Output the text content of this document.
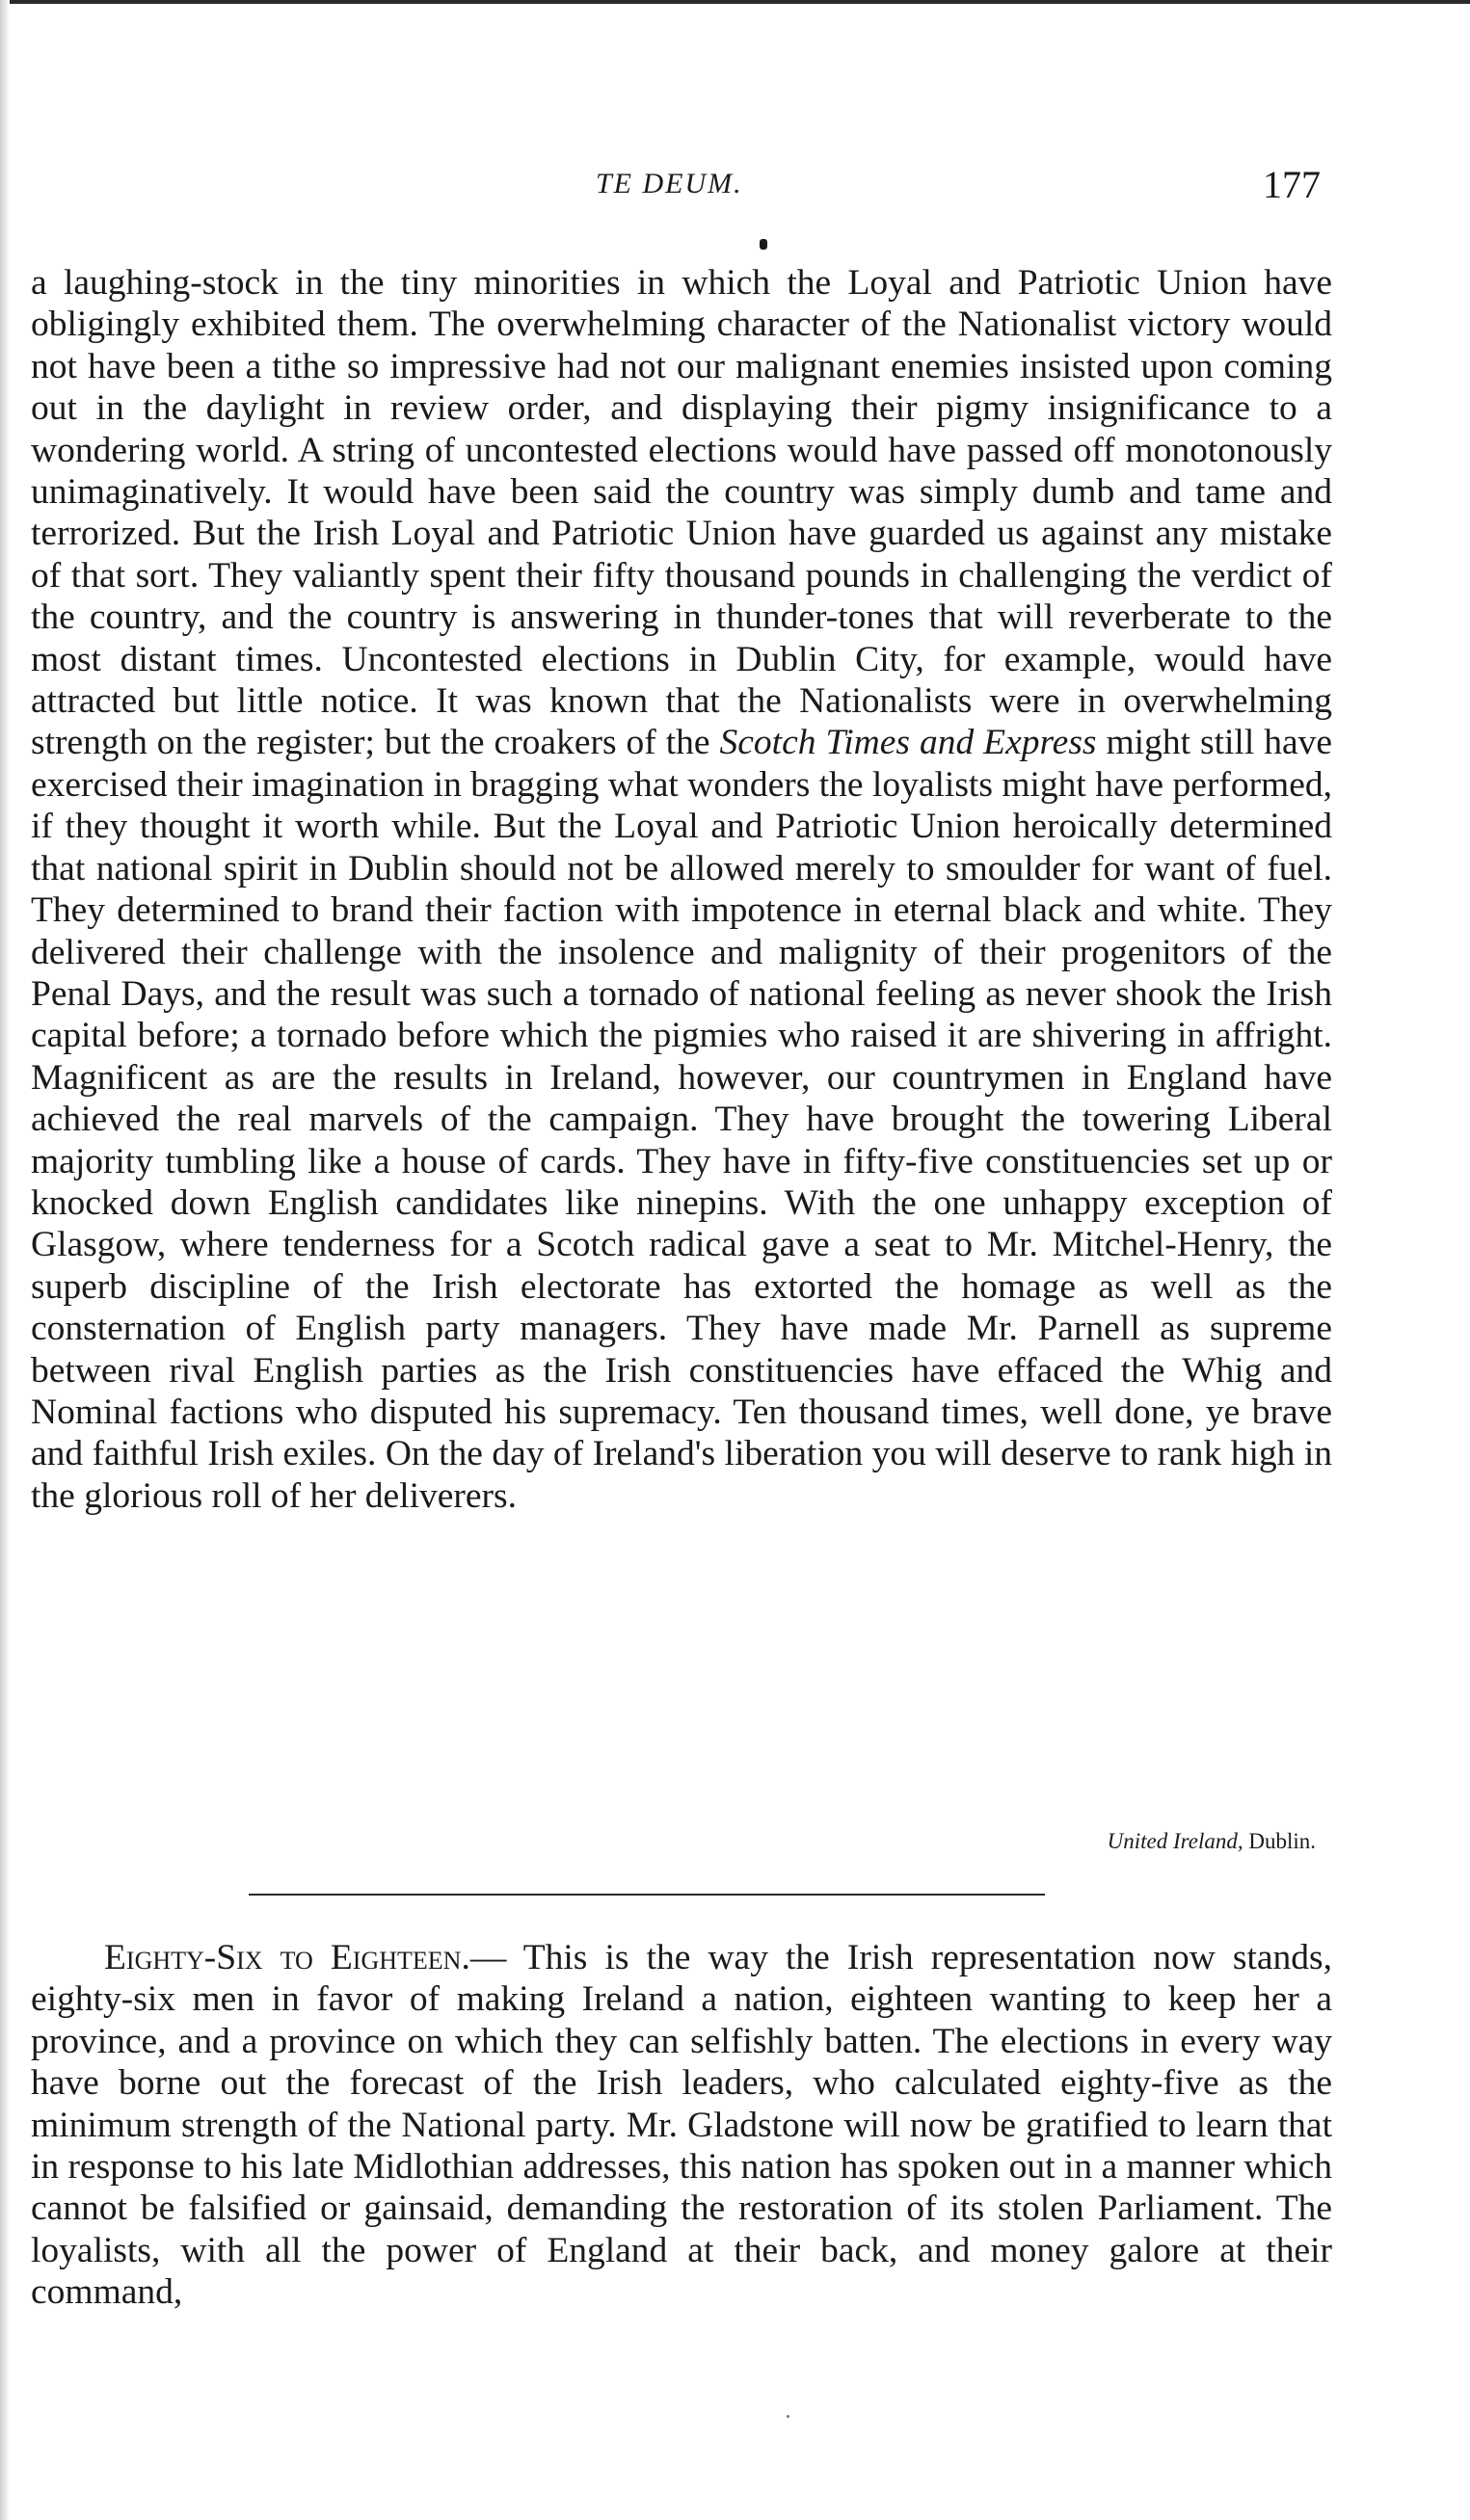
TE DEUM.	177

a laughing-stock in the tiny minorities in which the Loyal and Patriotic Union have obligingly exhibited them. The overwhelming character of the Nationalist victory would not have been a tithe so impressive had not our malignant enemies insisted upon coming out in the daylight in review order, and displaying their pigmy insignificance to a wondering world. A string of uncontested elections would have passed off monotonously unimaginatively. It would have been said the country was simply dumb and tame and terrorized. But the Irish Loyal and Patriotic Union have guarded us against any mistake of that sort. They valiantly spent their fifty thousand pounds in challenging the verdict of the country, and the country is answering in thunder-tones that will reverberate to the most distant times. Uncontested elections in Dublin City, for example, would have attracted but little notice. It was known that the Nationalists were in overwhelming strength on the register; but the croakers of the Scotch Times and Express might still have exercised their imagination in bragging what wonders the loyalists might have performed, if they thought it worth while. But the Loyal and Patriotic Union heroically determined that national spirit in Dublin should not be allowed merely to smoulder for want of fuel. They determined to brand their faction with impotence in eternal black and white. They delivered their challenge with the insolence and malignity of their progenitors of the Penal Days, and the result was such a tornado of national feeling as never shook the Irish capital before; a tornado before which the pigmies who raised it are shivering in affright. Magnificent as are the results in Ireland, however, our countrymen in England have achieved the real marvels of the campaign. They have brought the towering Liberal majority tumbling like a house of cards. They have in fifty-five constituencies set up or knocked down English candidates like ninepins. With the one unhappy exception of Glasgow, where tenderness for a Scotch radical gave a seat to Mr. Mitchel-Henry, the superb discipline of the Irish electorate has extorted the homage as well as the consternation of English party managers. They have made Mr. Parnell as supreme between rival English parties as the Irish constituencies have effaced the Whig and Nominal factions who disputed his supremacy. Ten thousand times, well done, ye brave and faithful Irish exiles. On the day of Ireland's liberation you will deserve to rank high in the glorious roll of her deliverers.

United Ireland, Dublin.

Eighty-Six to Eighteen.— This is the way the Irish representation now stands, eighty-six men in favor of making Ireland a nation, eighteen wanting to keep her a province, and a province on which they can selfishly batten. The elections in every way have borne out the forecast of the Irish leaders, who calculated eighty-five as the minimum strength of the National party. Mr. Gladstone will now be gratified to learn that in response to his late Midlothian addresses, this nation has spoken out in a manner which cannot be falsified or gainsaid, demanding the restoration of its stolen Parliament. The loyalists, with all the power of England at their back, and money galore at their command,
